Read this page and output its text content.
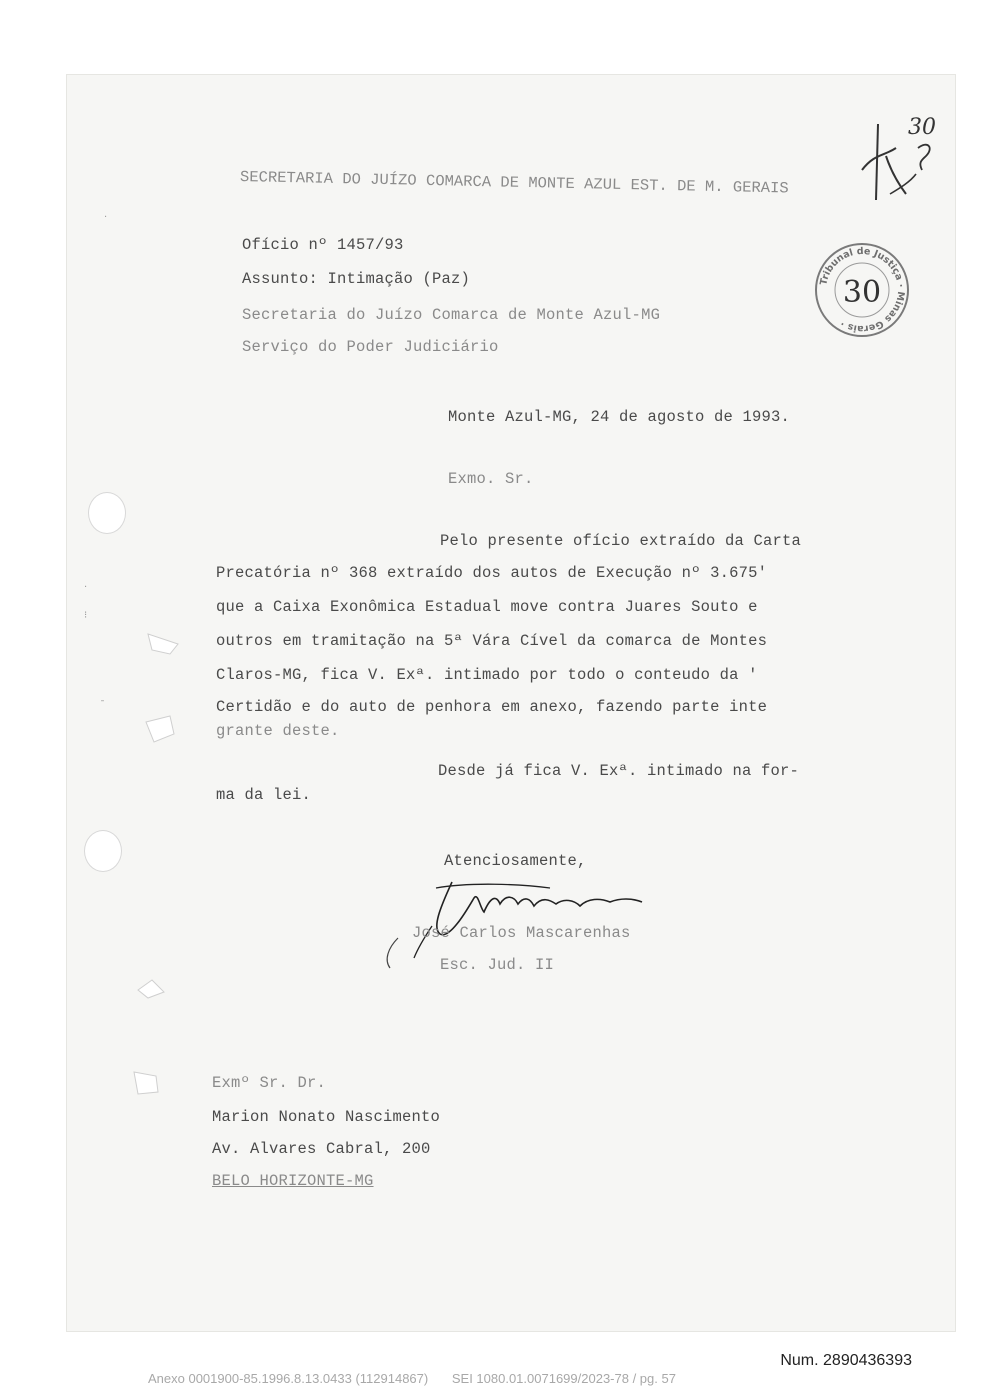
·
·
⁝
ˉ
SECRETARIA DO JUÍZO COMARCA DE MONTE AZUL EST. DE M. GERAIS
30
Tribunal de Justiça · Minas Gerais ·
30
Ofício nº 1457/93
Assunto: Intimação (Paz)
Secretaria do Juízo Comarca de Monte Azul-MG
Serviço do Poder Judiciário
Monte Azul-MG, 24 de agosto de 1993.
Exmo. Sr.
Pelo presente ofício extraído da Carta
Precatória nº 368 extraído dos autos de Execução nº 3.675'
que a Caixa Exonômica Estadual move contra Juares Souto e
outros em tramitação na 5ª Vára Cível da comarca de Montes
Claros-MG, fica V. Exª. intimado por todo o conteudo da '
Certidão e do auto de penhora em anexo, fazendo parte inte
grante deste.
Desde já fica V. Exª. intimado na for-
ma da lei.
Atenciosamente,
José Carlos Mascarenhas
Esc. Jud. II
Exmº Sr. Dr.
Marion Nonato Nascimento
Av. Alvares Cabral, 200
BELO HORIZONTE-MG
Num. 2890436393
Anexo 0001900-85.1996.8.13.0433 (112914867) SEI 1080.01.0071699/2023-78 / pg. 57
